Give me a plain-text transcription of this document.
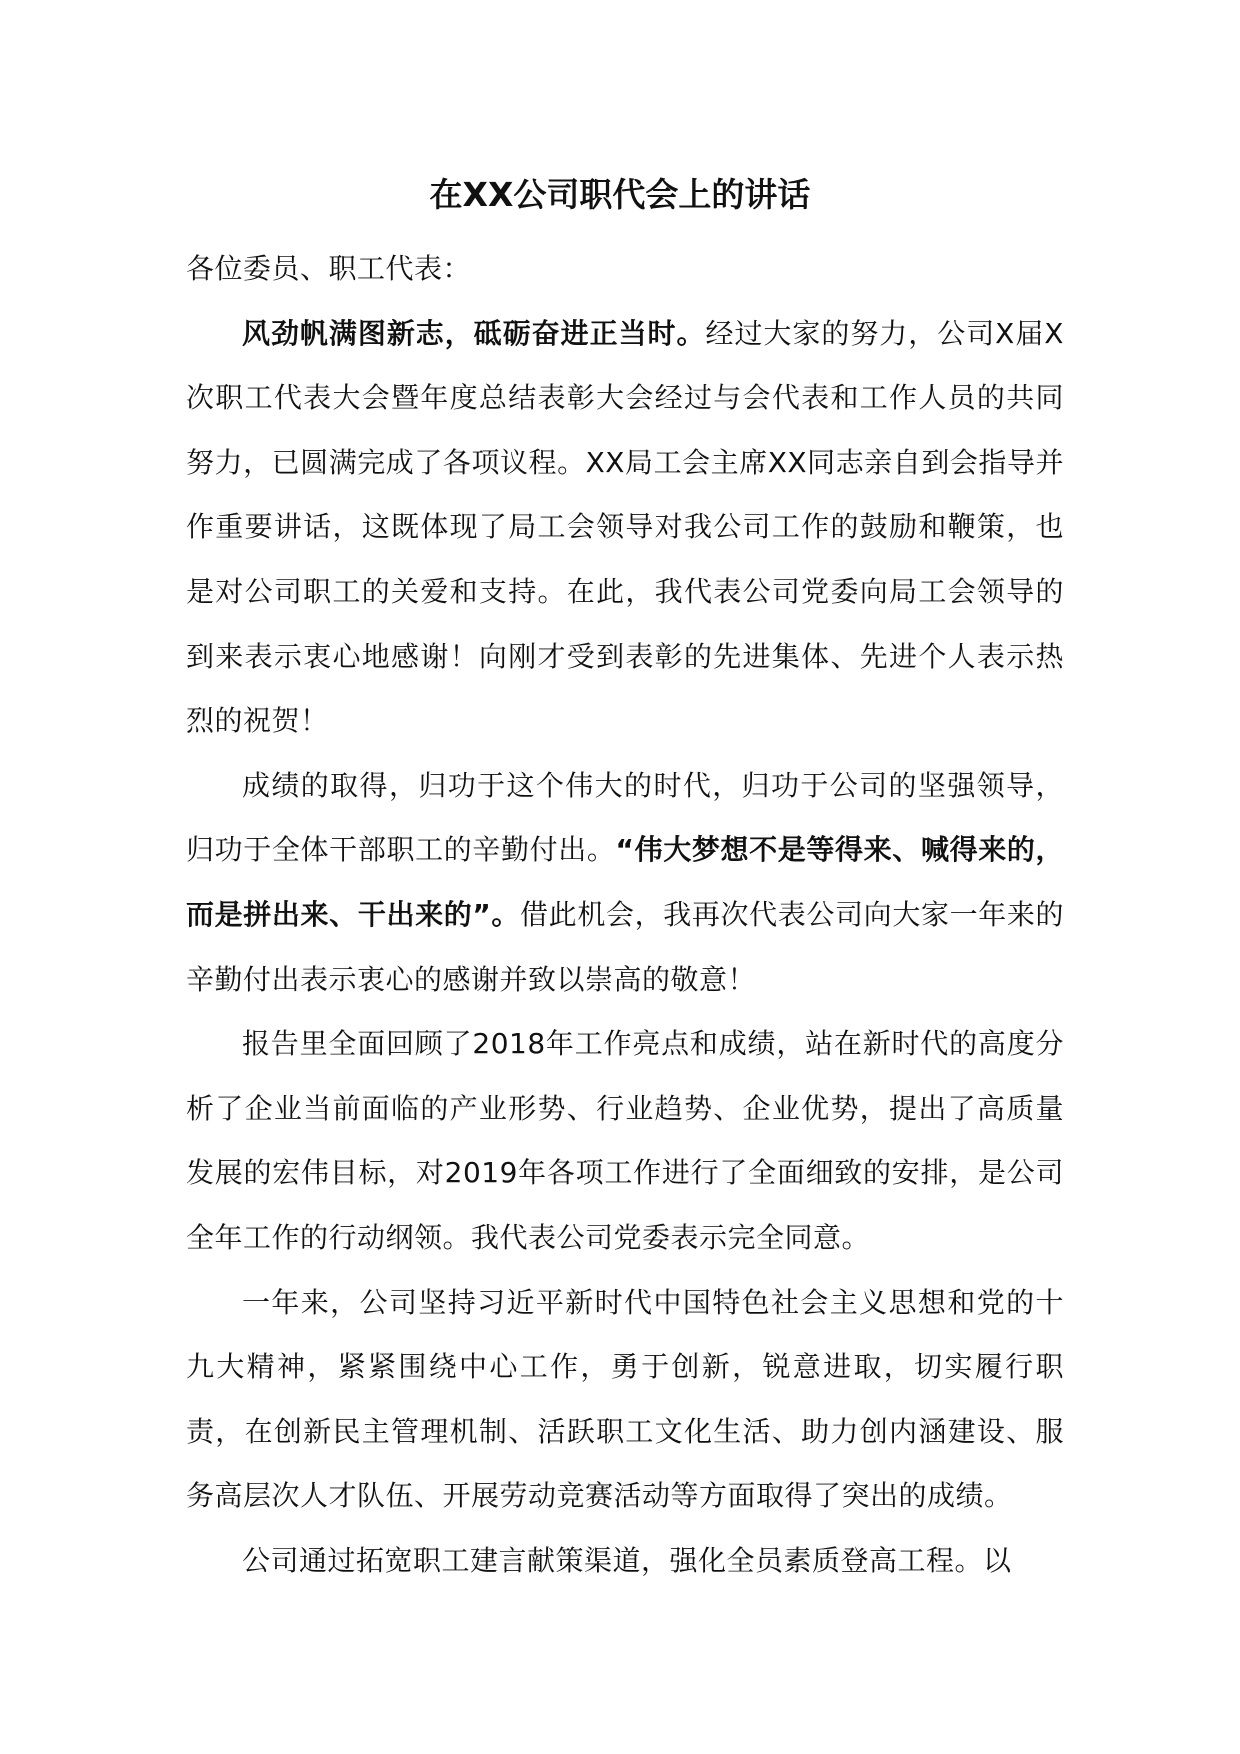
在XX公司职代会上的讲话

各位委员、职工代表：

风劲帆满图新志，砥砺奋进正当时。经过大家的努力，公司X届X次职工代表大会暨年度总结表彰大会经过与会代表和工作人员的共同努力，已圆满完成了各项议程。XX局工会主席XX同志亲自到会指导并作重要讲话，这既体现了局工会领导对我公司工作的鼓励和鞭策，也是对公司职工的关爱和支持。在此，我代表公司党委向局工会领导的到来表示衷心地感谢！向刚才受到表彰的先进集体、先进个人表示热烈的祝贺！

成绩的取得，归功于这个伟大的时代，归功于公司的坚强领导，归功于全体干部职工的辛勤付出。“伟大梦想不是等得来、喊得来的，而是拼出来、干出来的”。借此机会，我再次代表公司向大家一年来的辛勤付出表示衷心的感谢并致以崇高的敬意！

报告里全面回顾了2018年工作亮点和成绩，站在新时代的高度分析了企业当前面临的产业形势、行业趋势、企业优势，提出了高质量发展的宏伟目标，对2019年各项工作进行了全面细致的安排，是公司全年工作的行动纲领。我代表公司党委表示完全同意。

一年来，公司坚持习近平新时代中国特色社会主义思想和党的十九大精神，紧紧围绕中心工作，勇于创新，锐意进取，切实履行职责，在创新民主管理机制、活跃职工文化生活、助力创内涵建设、服务高层次人才队伍、开展劳动竞赛活动等方面取得了突出的成绩。

公司通过拓宽职工建言献策渠道，强化全员素质登高工程。以
